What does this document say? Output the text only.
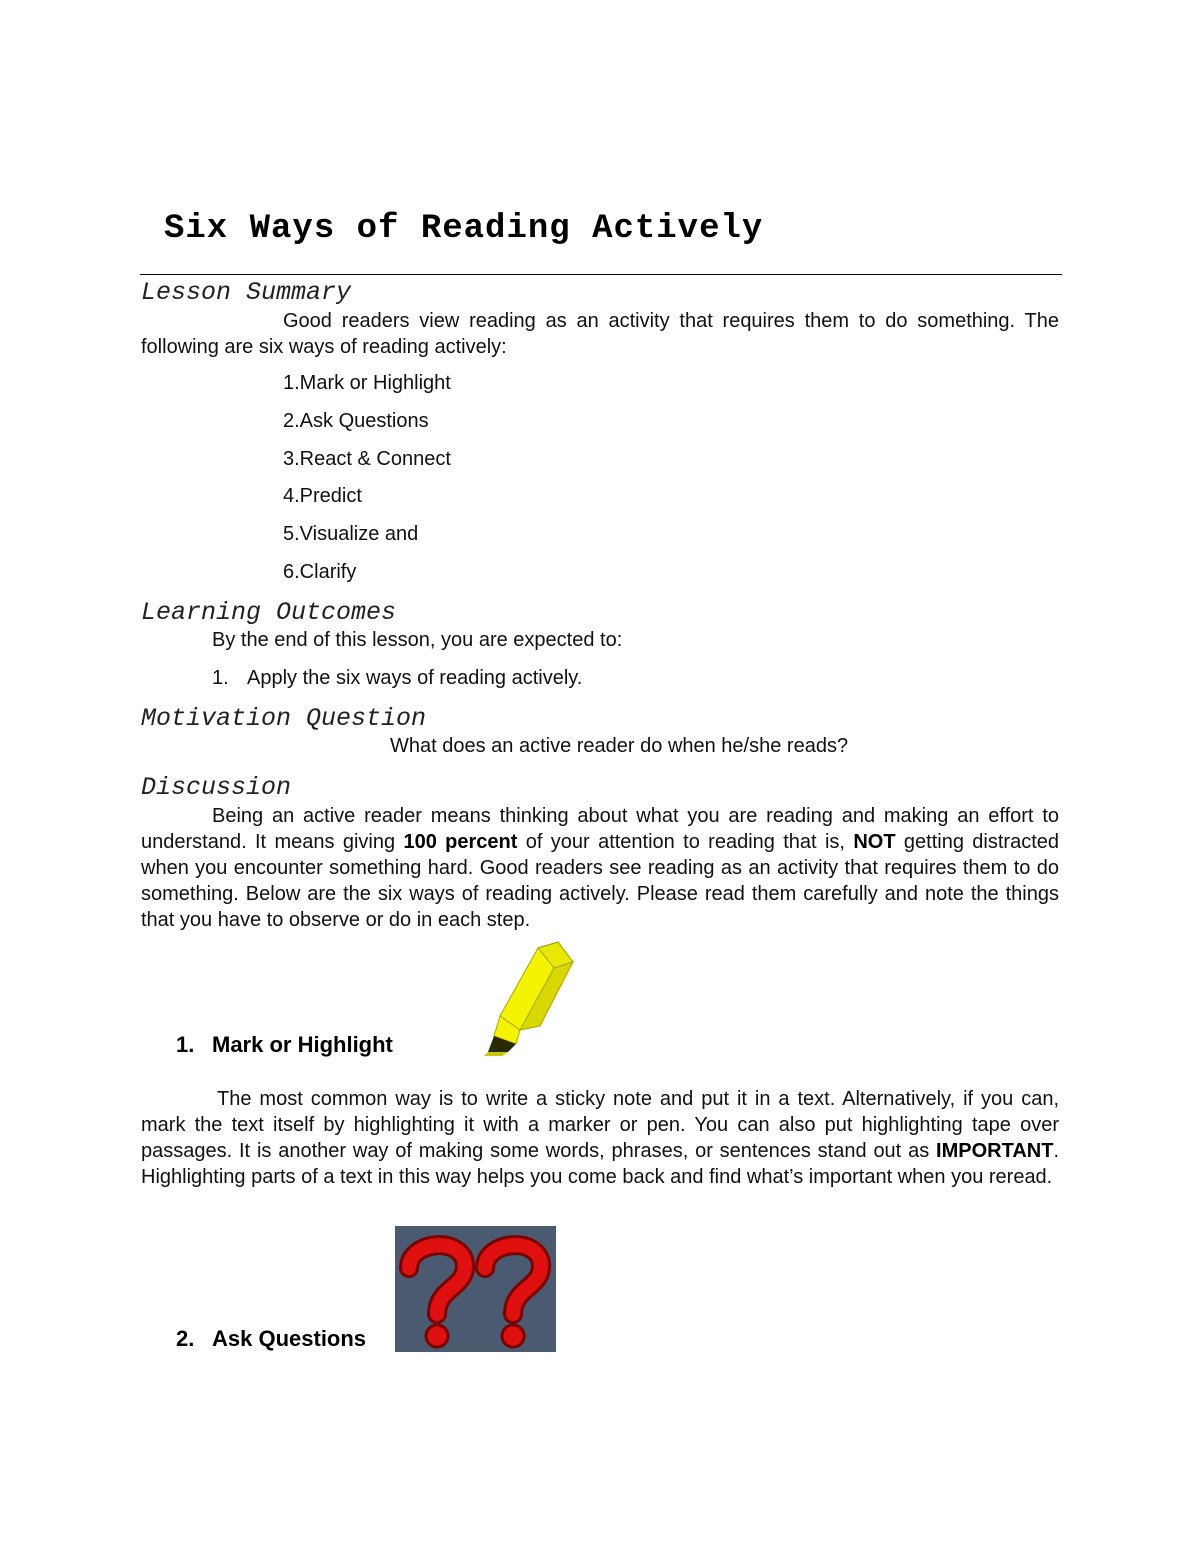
Six Ways of Reading Actively
Lesson Summary
Good readers view reading as an activity that requires them to do something. The following are six ways of reading actively:
1.Mark or Highlight
2.Ask Questions
3.React & Connect
4.Predict
5.Visualize and
6.Clarify
Learning Outcomes
By the end of this lesson, you are expected to:
1. Apply the six ways of reading actively.
Motivation Question
What does an active reader do when he/she reads?
Discussion
Being an active reader means thinking about what you are reading and making an effort to understand. It means giving 100 percent of your attention to reading that is, NOT getting distracted when you encounter something hard. Good readers see reading as an activity that requires them to do something. Below are the six ways of reading actively. Please read them carefully and note the things that you have to observe or do in each step.
1. Mark or Highlight
The most common way is to write a sticky note and put it in a text. Alternatively, if you can, mark the text itself by highlighting it with a marker or pen. You can also put highlighting tape over passages. It is another way of making some words, phrases, or sentences stand out as IMPORTANT. Highlighting parts of a text in this way helps you come back and find what’s important when you reread.
2. Ask Questions
